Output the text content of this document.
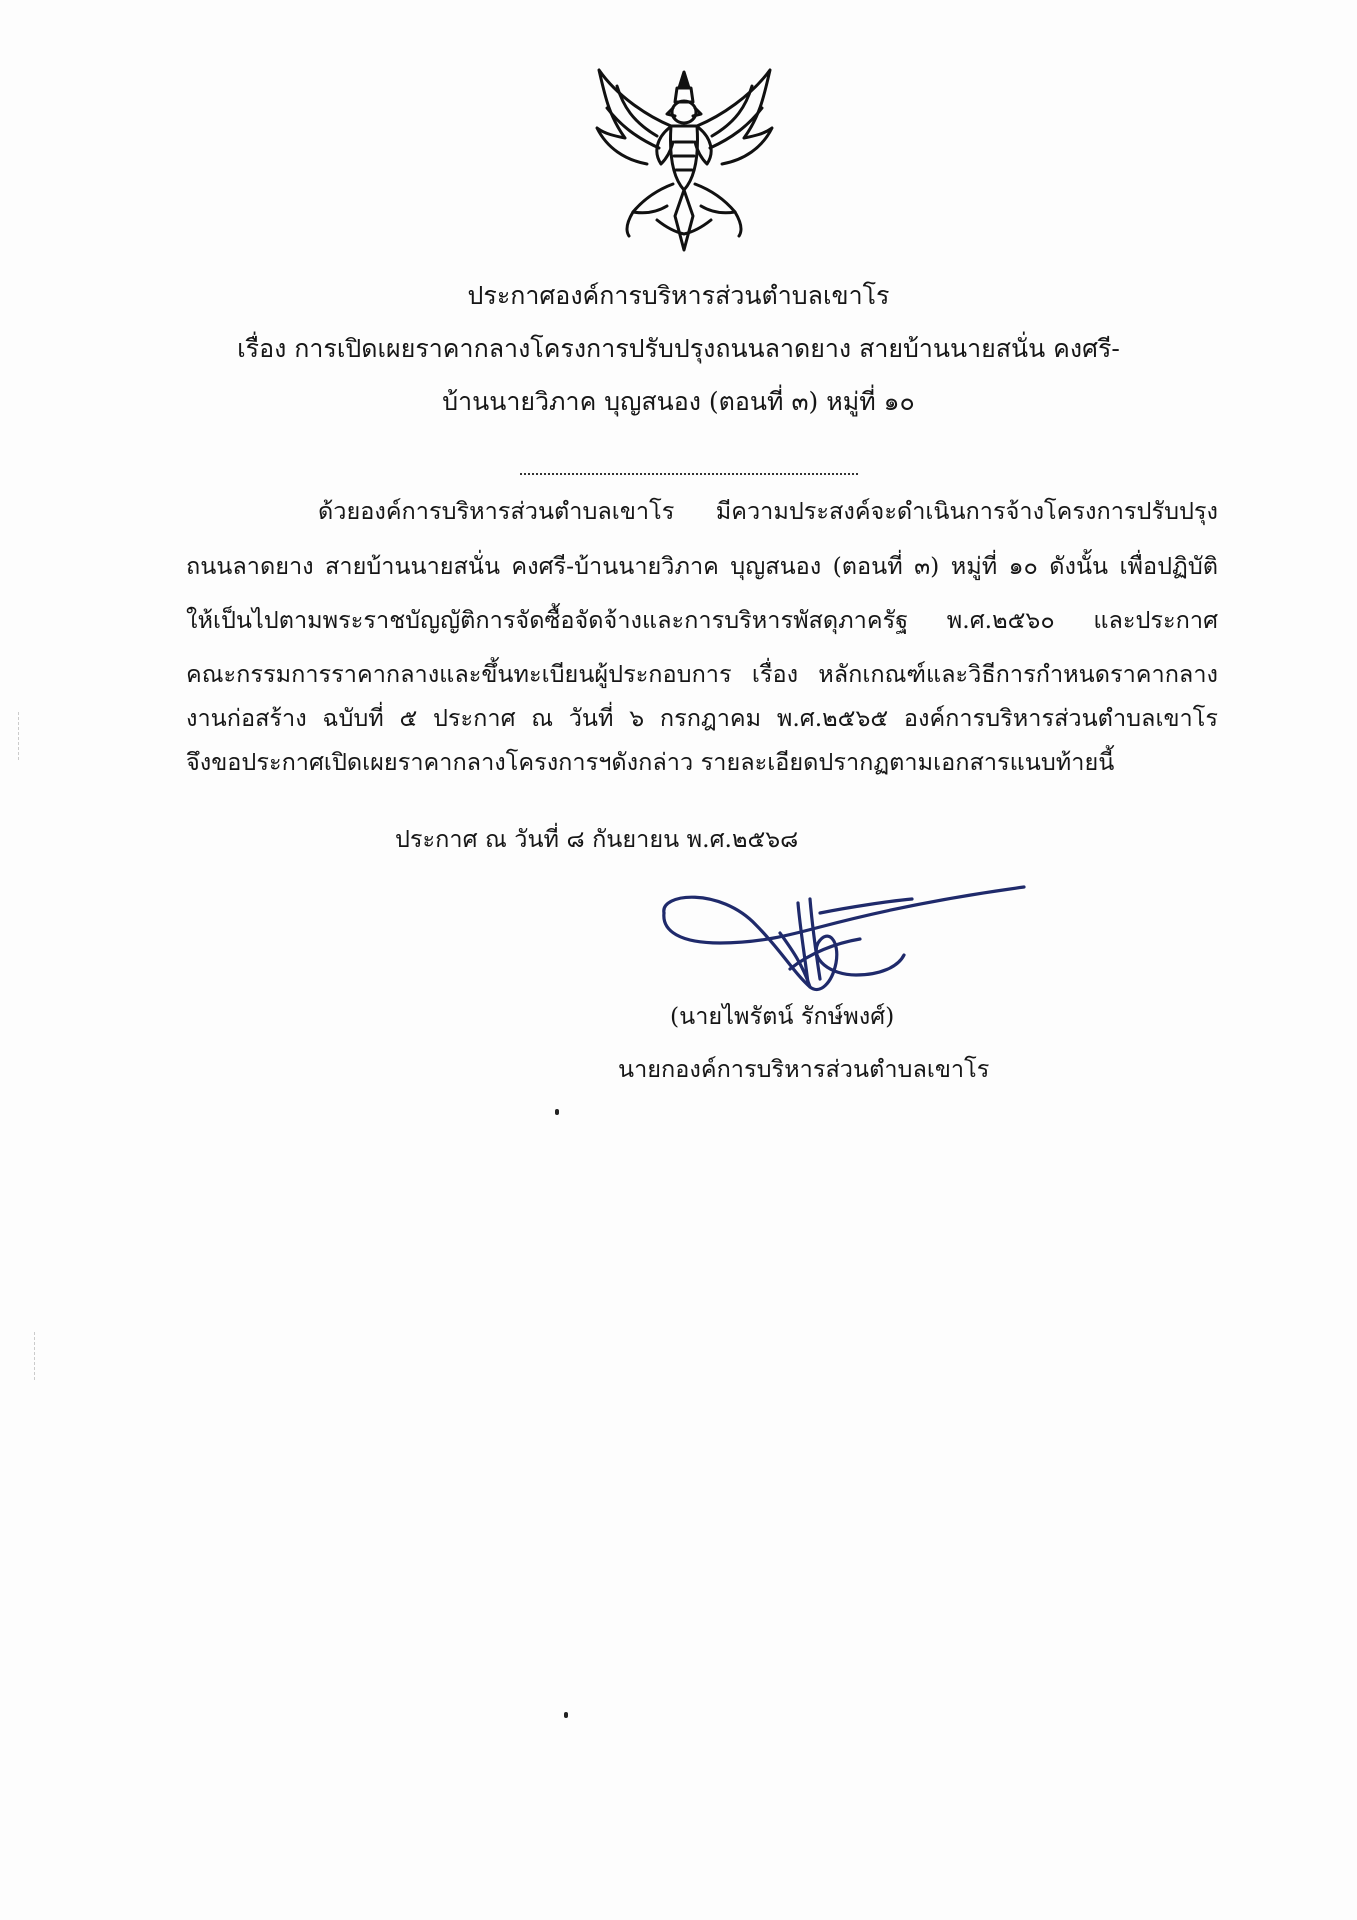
ประกาศองค์การบริหารส่วนตำบลเขาโร
เรื่อง การเปิดเผยราคากลางโครงการปรับปรุงถนนลาดยาง สายบ้านนายสนั่น คงศรี-
บ้านนายวิภาค บุญสนอง (ตอนที่ ๓) หมู่ที่ ๑๐
ด้วยองค์การบริหารส่วนตำบลเขาโร มีความประสงค์จะดำเนินการจ้างโครงการปรับปรุง
ถนนลาดยาง สายบ้านนายสนั่น คงศรี-บ้านนายวิภาค บุญสนอง (ตอนที่ ๓) หมู่ที่ ๑๐ ดังนั้น เพื่อปฏิบัติ
ให้เป็นไปตามพระราชบัญญัติการจัดซื้อจัดจ้างและการบริหารพัสดุภาครัฐ พ.ศ.๒๕๖๐ และประกาศ
คณะกรรมการราคากลางและขึ้นทะเบียนผู้ประกอบการ เรื่อง หลักเกณฑ์และวิธีการกำหนดราคากลาง
งานก่อสร้าง ฉบับที่ ๕ ประกาศ ณ วันที่ ๖ กรกฎาคม พ.ศ.๒๕๖๕ องค์การบริหารส่วนตำบลเขาโร
จึงขอประกาศเปิดเผยราคากลางโครงการฯดังกล่าว รายละเอียดปรากฏตามเอกสารแนบท้ายนี้
ประกาศ ณ วันที่ ๘ กันยายน พ.ศ.๒๕๖๘
(นายไพรัตน์ รักษ์พงศ์)
นายกองค์การบริหารส่วนตำบลเขาโร
